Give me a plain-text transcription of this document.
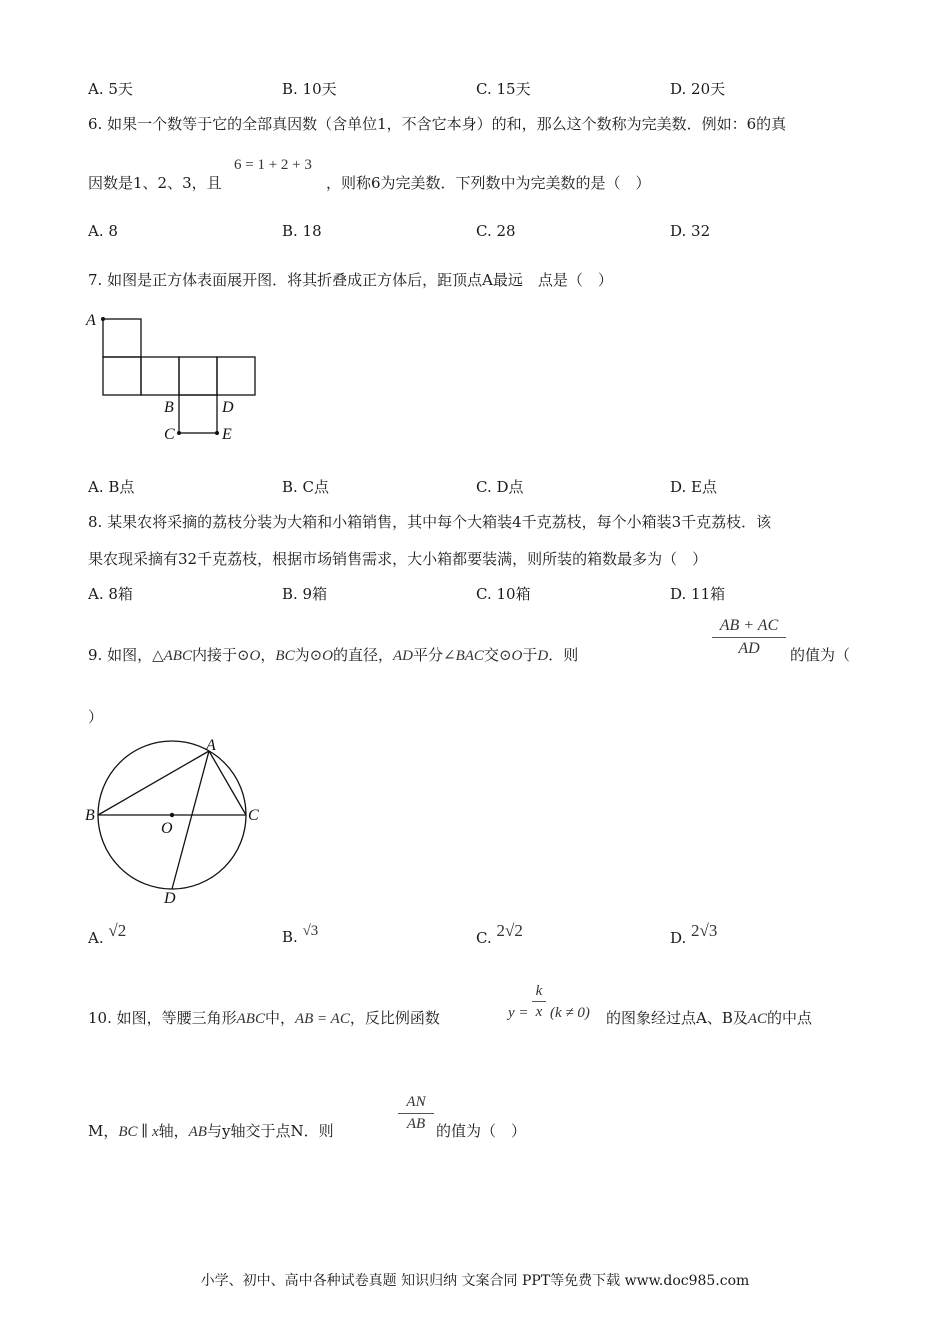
A. 5天	B. 10天	C. 15天	D. 20天
6. 如果一个数等于它的全部真因数（含单位1，不含它本身）的和，那么这个数称为完美数．例如：6的真
因数是1、2、3，且
6 = 1 + 2 + 3
，则称6为完美数．下列数中为完美数的是（　）
A. 8	B. 18	C. 28	D. 32
7. 如图是正方体表面展开图．将其折叠成正方体后，距顶点A最远　点是（　）
A
B	D
C	E
A. B点	B. C点	C. D点	D. E点
8. 某果农将采摘的荔枝分装为大箱和小箱销售，其中每个大箱装4千克荔枝，每个小箱装3千克荔枝．该
果农现采摘有32千克荔枝，根据市场销售需求，大小箱都要装满，则所装的箱数最多为（　）
A. 8箱	B. 9箱	C. 10箱	D. 11箱
9. 如图，△ABC内接于⊙O，BC为⊙O的直径，AD平分∠BAC交⊙O于D．则	$\frac{AB + AC}{AD}$ 的值为（
）
A
B	C
O
D
A. √2	B. √3	C. 2√2	D. 2√3
10. 如图，等腰三角形ABC中，AB = AC，反比例函数	$y = \frac{k}{x} (k \ne 0)$ 的图象经过点A、B及AC的中点
M，BC ∥ x轴，AB与y轴交于点N．则	$\frac{AN}{AB}$ 的值为（　）
小学、初中、高中各种试卷真题 知识归纳 文案合同 PPT等免费下载 www.doc985.com
